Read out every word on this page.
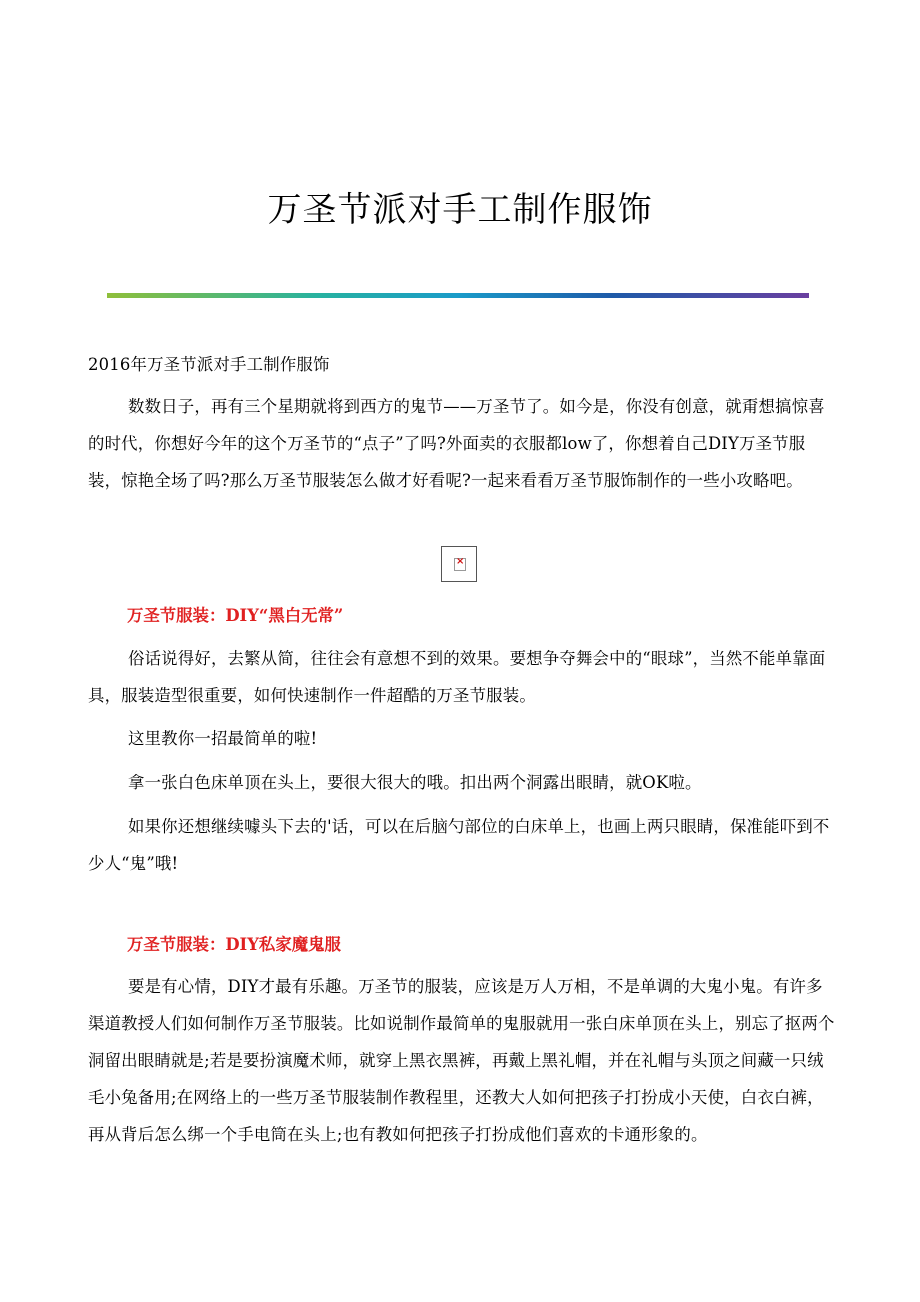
万圣节派对手工制作服饰

2016年万圣节派对手工制作服饰

数数日子，再有三个星期就将到西方的鬼节——万圣节了。如今是，你没有创意，就甭想搞惊喜的时代，你想好今年的这个万圣节的“点子”了吗?外面卖的衣服都low了，你想着自己DIY万圣节服装，惊艳全场了吗?那么万圣节服装怎么做才好看呢?一起来看看万圣节服饰制作的一些小攻略吧。

×

万圣节服装：DIY“黑白无常”

俗话说得好，去繁从简，往往会有意想不到的效果。要想争夺舞会中的“眼球”，当然不能单靠面具，服装造型很重要，如何快速制作一件超酷的万圣节服装。

这里教你一招最简单的啦!

拿一张白色床单顶在头上，要很大很大的哦。扣出两个洞露出眼睛，就OK啦。

如果你还想继续噱头下去的'话，可以在后脑勺部位的白床单上，也画上两只眼睛，保准能吓到不少人“鬼”哦!

万圣节服装：DIY私家魔鬼服

要是有心情，DIY才最有乐趣。万圣节的服装，应该是万人万相，不是单调的大鬼小鬼。有许多渠道教授人们如何制作万圣节服装。比如说制作最简单的鬼服就用一张白床单顶在头上，别忘了抠两个洞留出眼睛就是;若是要扮演魔术师，就穿上黑衣黑裤，再戴上黑礼帽，并在礼帽与头顶之间藏一只绒毛小兔备用;在网络上的一些万圣节服装制作教程里，还教大人如何把孩子打扮成小天使，白衣白裤，再从背后怎么绑一个手电筒在头上;也有教如何把孩子打扮成他们喜欢的卡通形象的。
